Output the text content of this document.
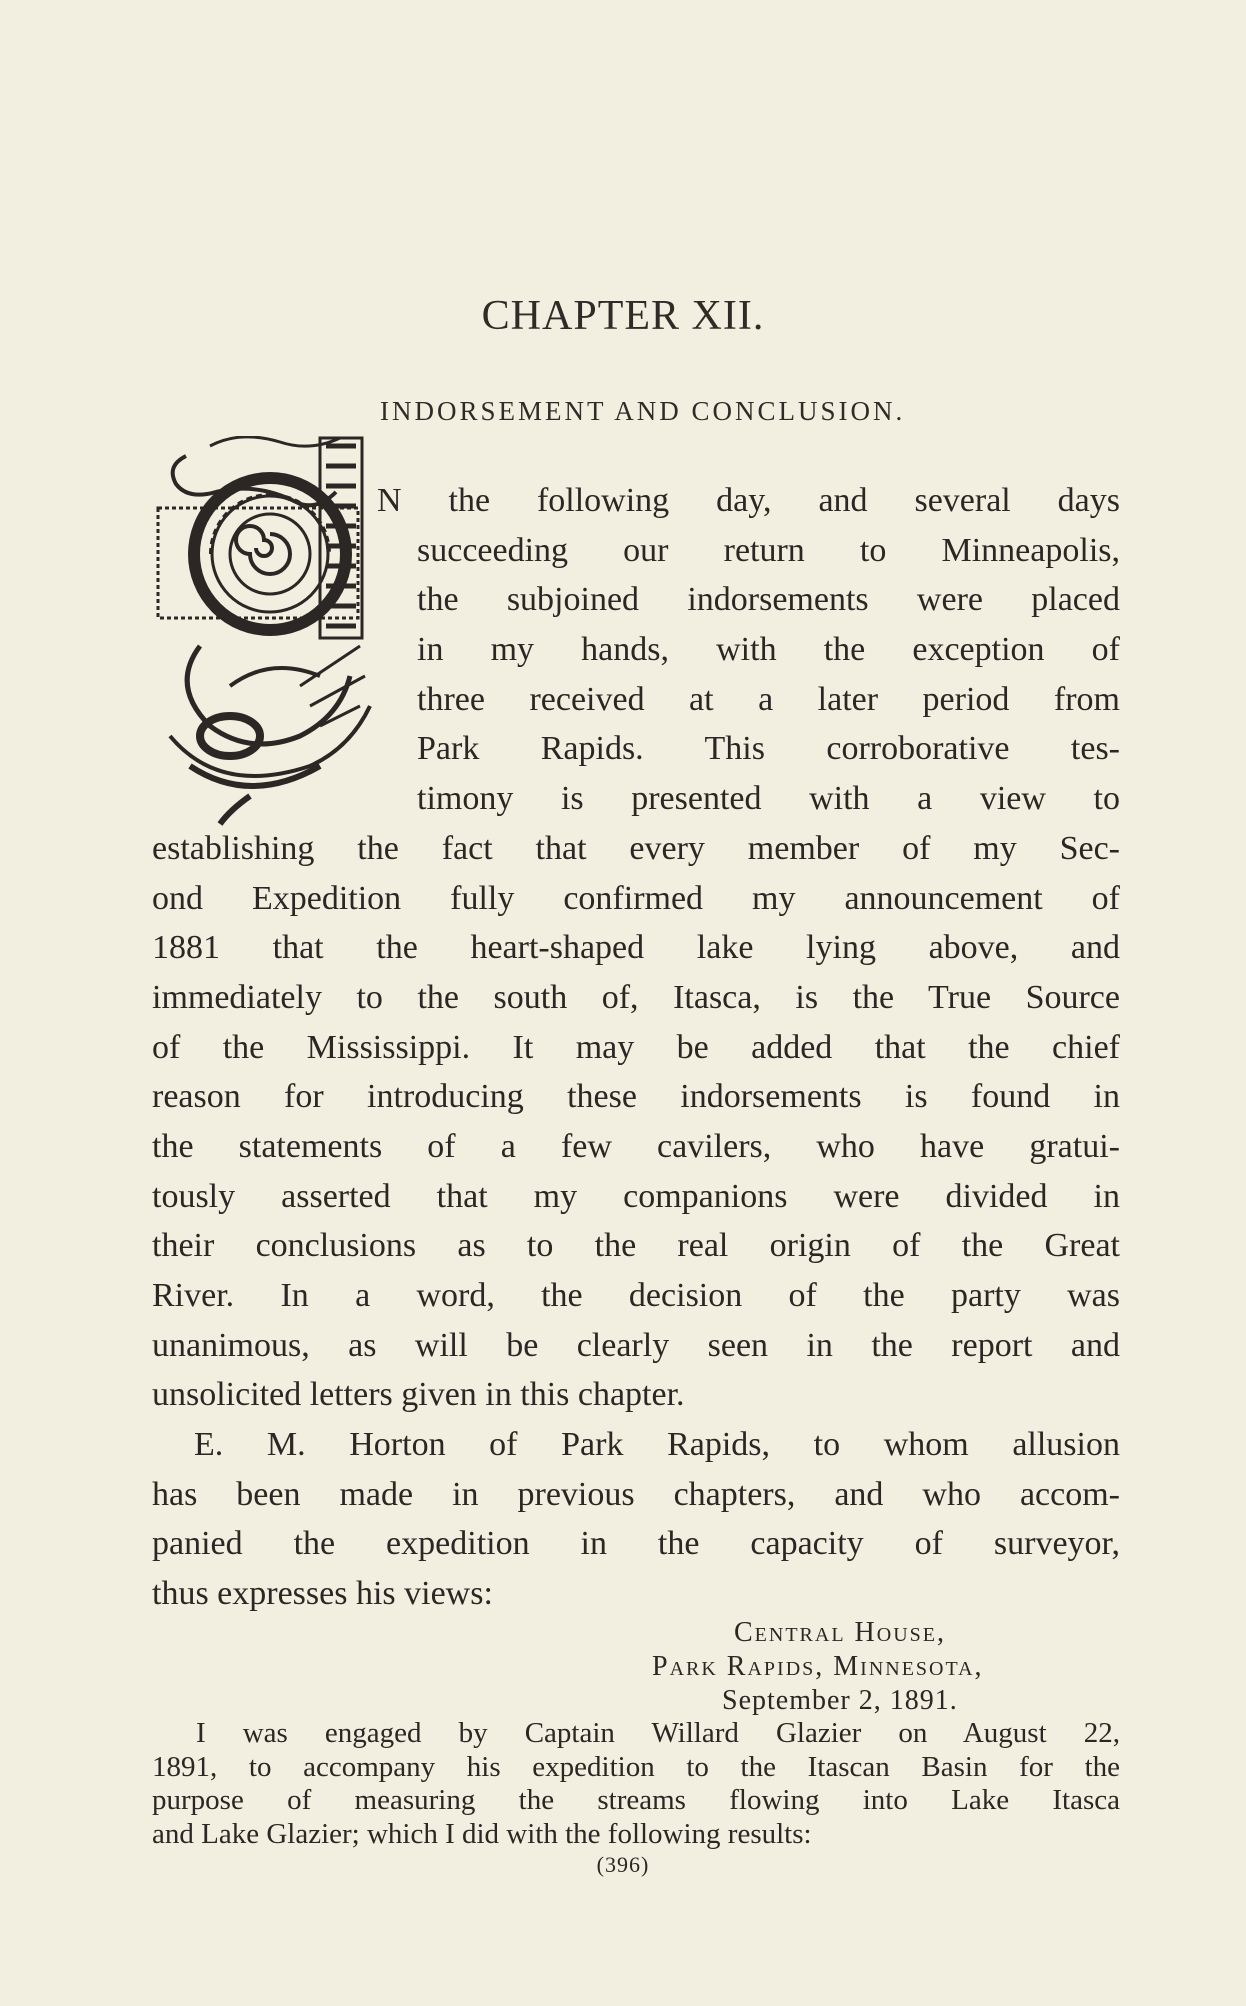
CHAPTER XII.
INDORSEMENT AND CONCLUSION.
N the following day, and several days
succeeding our return to Minneapolis,
the subjoined indorsements were placed
in my hands, with the exception of
three received at a later period from
Park Rapids. This corroborative tes-
timony is presented with a view to
establishing the fact that every member of my Sec-
ond Expedition fully confirmed my announcement of
1881 that the heart-shaped lake lying above, and
immediately to the south of, Itasca, is the True Source
of the Mississippi. It may be added that the chief
reason for introducing these indorsements is found in
the statements of a few cavilers, who have gratui-
tously asserted that my companions were divided in
their conclusions as to the real origin of the Great
River. In a word, the decision of the party was
unanimous, as will be clearly seen in the report and
unsolicited letters given in this chapter.
E. M. Horton of Park Rapids, to whom allusion
has been made in previous chapters, and who accom-
panied the expedition in the capacity of surveyor,
thus expresses his views:
Central House,
Park Rapids, Minnesota,
September 2, 1891.
I was engaged by Captain Willard Glazier on August 22,
1891, to accompany his expedition to the Itascan Basin for the
purpose of measuring the streams flowing into Lake Itasca
and Lake Glazier; which I did with the following results:
(396)
